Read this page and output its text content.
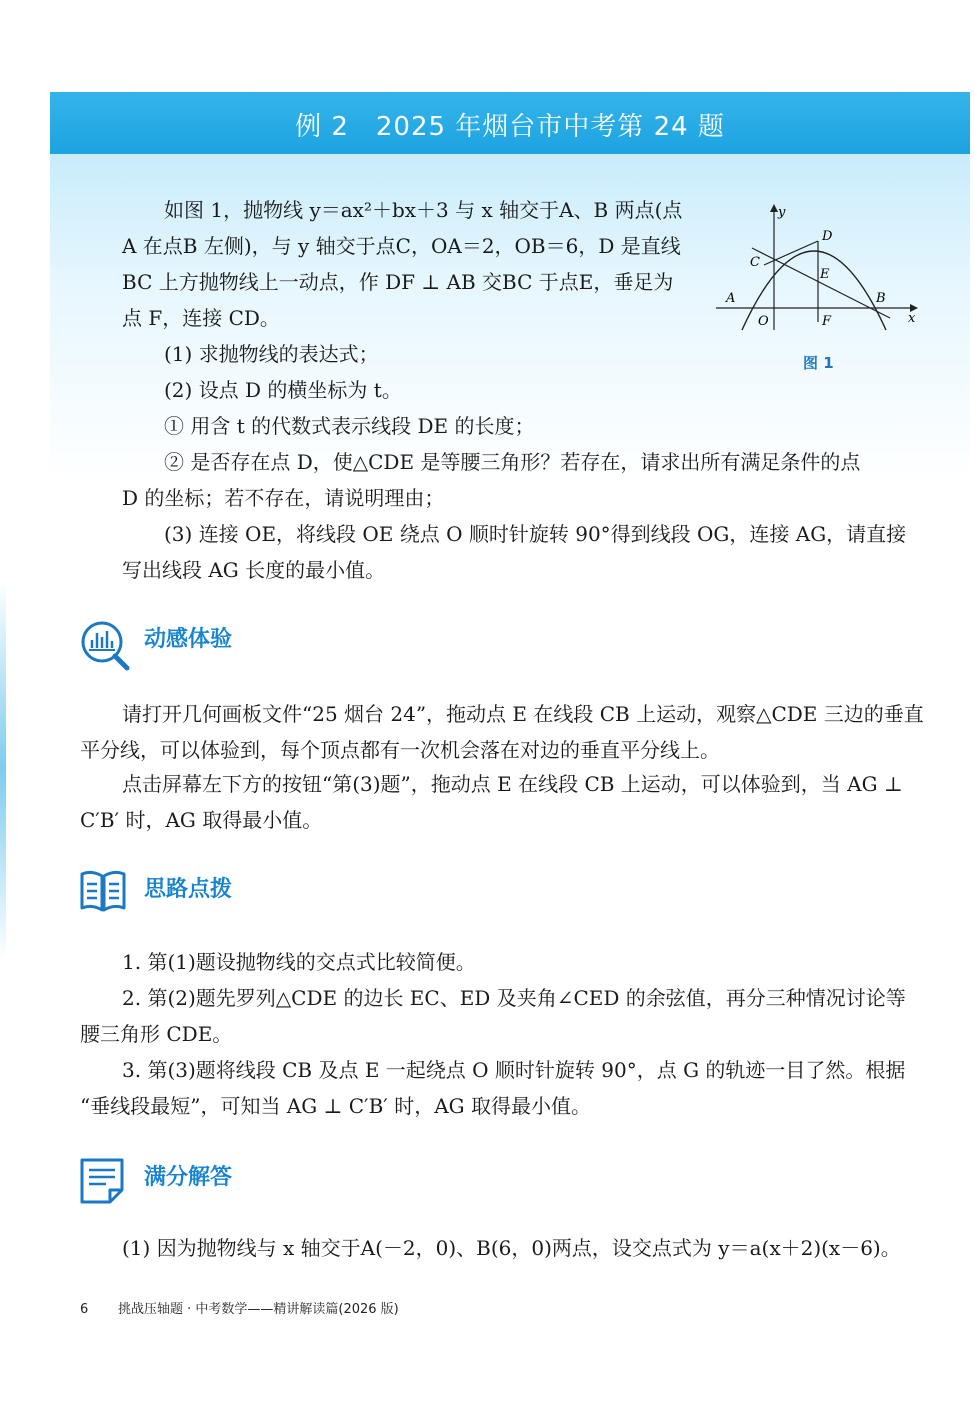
例 2　2025 年烟台市中考第 24 题

如图 1，抛物线 y＝ax²＋bx＋3 与 x 轴交于A、B 两点(点

A 在点B 左侧)，与 y 轴交于点C，OA＝2，OB＝6，D 是直线

BC 上方抛物线上一动点，作 DF ⊥ AB 交BC 于点E，垂足为

点 F，连接 CD。

(1) 求抛物线的表达式；

(2) 设点 D 的横坐标为 t。

① 用含 t 的代数式表示线段 DE 的长度；

② 是否存在点 D，使△CDE 是等腰三角形？若存在，请求出所有满足条件的点

D 的坐标；若不存在，请说明理由；

(3) 连接 OE，将线段 OE 绕点 O 顺时针旋转 90°得到线段 OG，连接 AG，请直接

写出线段 AG 长度的最小值。

y
D
C
E
A	B
O	F	x
图 1
动感体验

请打开几何画板文件“25 烟台 24”，拖动点 E 在线段 CB 上运动，观察△CDE 三边的垂直

平分线，可以体验到，每个顶点都有一次机会落在对边的垂直平分线上。

点击屏幕左下方的按钮“第(3)题”，拖动点 E 在线段 CB 上运动，可以体验到，当 AG ⊥

C′B′ 时，AG 取得最小值。

思路点拨

1. 第(1)题设抛物线的交点式比较简便。

2. 第(2)题先罗列△CDE 的边长 EC、ED 及夹角∠CED 的余弦值，再分三种情况讨论等

腰三角形 CDE。

3. 第(3)题将线段 CB 及点 E 一起绕点 O 顺时针旋转 90°，点 G 的轨迹一目了然。根据

“垂线段最短”，可知当 AG ⊥ C′B′ 时，AG 取得最小值。

满分解答

(1) 因为抛物线与 x 轴交于A(－2，0)、B(6，0)两点，设交点式为 y＝a(x＋2)(x－6)。

6 挑战压轴题 · 中考数学——精讲解读篇(2026 版)
